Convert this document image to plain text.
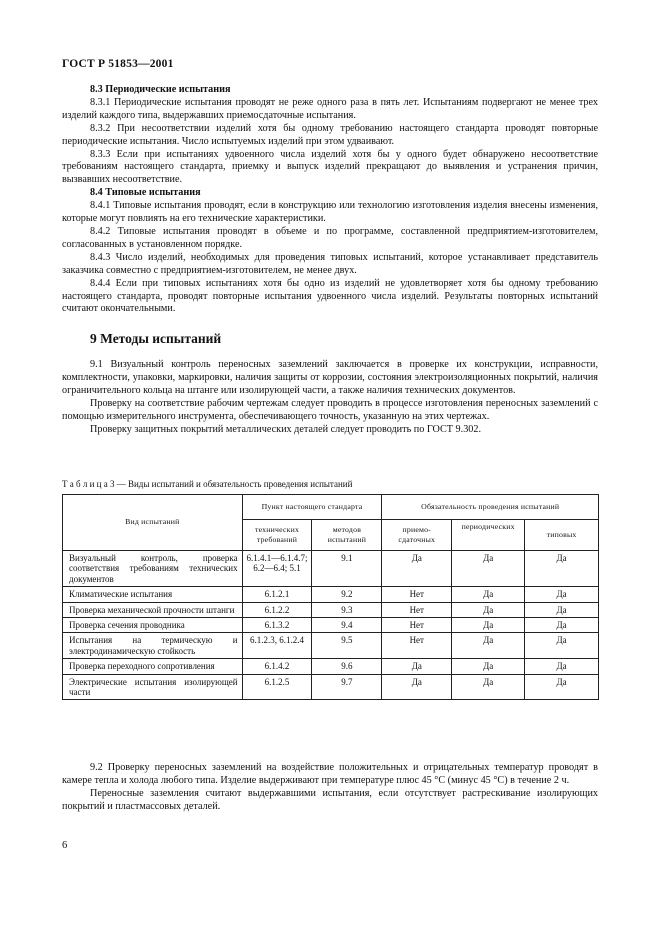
ГОСТ Р 51853—2001
8.3 Периодические испытания

8.3.1 Периодические испытания проводят не реже одного раза в пять лет. Испытаниям подвергают не менее трех изделий каждого типа, выдержавших приемосдаточные испытания.

8.3.2 При несоответствии изделий хотя бы одному требованию настоящего стандарта проводят повторные периодические испытания. Число испытуемых изделий при этом удваивают.

8.3.3 Если при испытаниях удвоенного числа изделий хотя бы у одного будет обнаружено несоответствие требованиям настоящего стандарта, приемку и выпуск изделий прекращают до выявления и устранения причин, вызвавших несоответствие.

8.4 Типовые испытания

8.4.1 Типовые испытания проводят, если в конструкцию или технологию изготовления изделия внесены изменения, которые могут повлиять на его технические характеристики.

8.4.2 Типовые испытания проводят в объеме и по программе, составленной предприятием-изготовителем, согласованных в установленном порядке.

8.4.3 Число изделий, необходимых для проведения типовых испытаний, которое устанавливает представитель заказчика совместно с предприятием-изготовителем, не менее двух.

8.4.4 Если при типовых испытаниях хотя бы одно из изделий не удовлетворяет хотя бы одному требованию настоящего стандарта, проводят повторные испытания удвоенного числа изделий. Результаты повторных испытаний считают окончательными.

9 Методы испытаний

9.1 Визуальный контроль переносных заземлений заключается в проверке их конструкции, исправности, комплектности, упаковки, маркировки, наличия защиты от коррозии, состояния электроизоляционных покрытий, наличия ограничительного кольца на штанге или изолирующей части, а также наличия технических документов.

Проверку на соответствие рабочим чертежам следует проводить в процессе изготовления переносных заземлений с помощью измерительного инструмента, обеспечивающего точность, указанную на этих чертежах.

Проверку защитных покрытий металлических деталей следует проводить по ГОСТ 9.302.

Т а б л и ц а 3 — Виды испытаний и обязательность проведения испытаний
Вид испытаний	Пункт настоящего стандарта		Обязательность проведения испытаний		
	технических требований	методов испытаний	приемо-сдаточных	периодических	типовых
Визуальный контроль, проверка соответствия требованиям технических документов	6.1.4.1—6.1.4.7; 6.2—6.4; 5.1	9.1	Да	Да	Да
Климатические испытания	6.1.2.1	9.2	Нет	Да	Да
Проверка механической прочности штанги	6.1.2.2	9.3	Нет	Да	Да
Проверка сечения проводника	6.1.3.2	9.4	Нет	Да	Да
Испытания на термическую и электродинамическую стойкость	6.1.2.3, 6.1.2.4	9.5	Нет	Да	Да
Проверка переходного сопротивления	6.1.4.2	9.6	Да	Да	Да
Электрические испытания изолирующей части	6.1.2.5	9.7	Да	Да	Да

9.2 Проверку переносных заземлений на воздействие положительных и отрицательных температур проводят в камере тепла и холода любого типа. Изделие выдерживают при температуре плюс 45 °С (минус 45 °С) в течение 2 ч.

Переносные заземления считают выдержавшими испытания, если отсутствует растрескивание изолирующих покрытий и пластмассовых деталей.

6
